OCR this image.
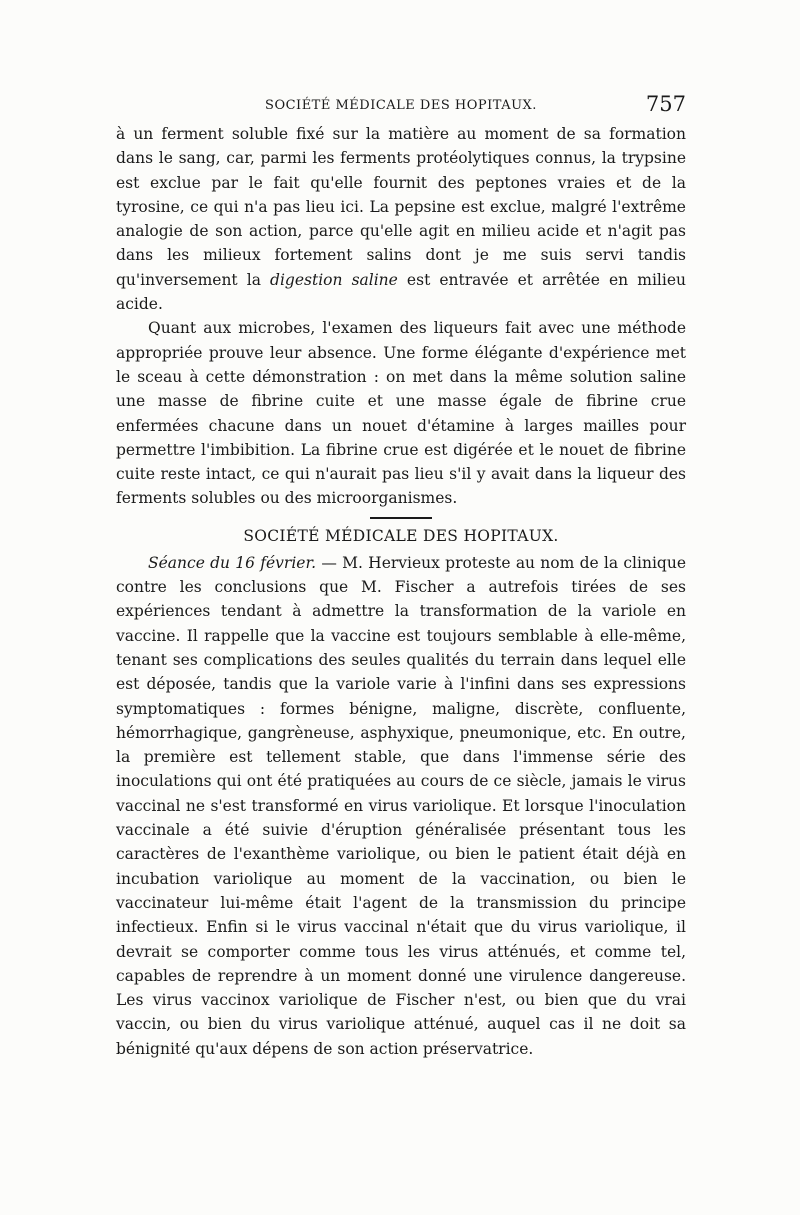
SOCIÉTÉ MÉDICALE DES HOPITAUX.	757

à un ferment soluble fixé sur la matière au moment de sa formation dans le sang, car, parmi les ferments protéolytiques connus, la trypsine est exclue par le fait qu'elle fournit des peptones vraies et de la tyrosine, ce qui n'a pas lieu ici. La pepsine est exclue, malgré l'extrême analogie de son action, parce qu'elle agit en milieu acide et n'agit pas dans les milieux fortement salins dont je me suis servi tandis qu'inversement la digestion saline est entravée et arrêtée en milieu acide.

Quant aux microbes, l'examen des liqueurs fait avec une méthode appropriée prouve leur absence. Une forme élégante d'expérience met le sceau à cette démonstration : on met dans la même solution saline une masse de fibrine cuite et une masse égale de fibrine crue enfermées chacune dans un nouet d'étamine à larges mailles pour permettre l'imbibition. La fibrine crue est digérée et le nouet de fibrine cuite reste intact, ce qui n'aurait pas lieu s'il y avait dans la liqueur des ferments solubles ou des microorganismes.

SOCIÉTÉ MÉDICALE DES HOPITAUX.

Séance du 16 février. — M. Hervieux proteste au nom de la clinique contre les conclusions que M. Fischer a autrefois tirées de ses expériences tendant à admettre la transformation de la variole en vaccine. Il rappelle que la vaccine est toujours semblable à elle-même, tenant ses complications des seules qualités du terrain dans lequel elle est déposée, tandis que la variole varie à l'infini dans ses expressions symptomatiques : formes bénigne, maligne, discrète, confluente, hémorrhagique, gangrèneuse, asphyxique, pneumonique, etc. En outre, la première est tellement stable, que dans l'immense série des inoculations qui ont été pratiquées au cours de ce siècle, jamais le virus vaccinal ne s'est transformé en virus variolique. Et lorsque l'inoculation vaccinale a été suivie d'éruption généralisée présentant tous les caractères de l'exanthème variolique, ou bien le patient était déjà en incubation variolique au moment de la vaccination, ou bien le vaccinateur lui-même était l'agent de la transmission du principe infectieux. Enfin si le virus vaccinal n'était que du virus variolique, il devrait se comporter comme tous les virus atténués, et comme tel, capables de reprendre à un moment donné une virulence dangereuse. Les virus vaccinox variolique de Fischer n'est, ou bien que du vrai vaccin, ou bien du virus variolique atténué, auquel cas il ne doit sa bénignité qu'aux dépens de son action préservatrice.
